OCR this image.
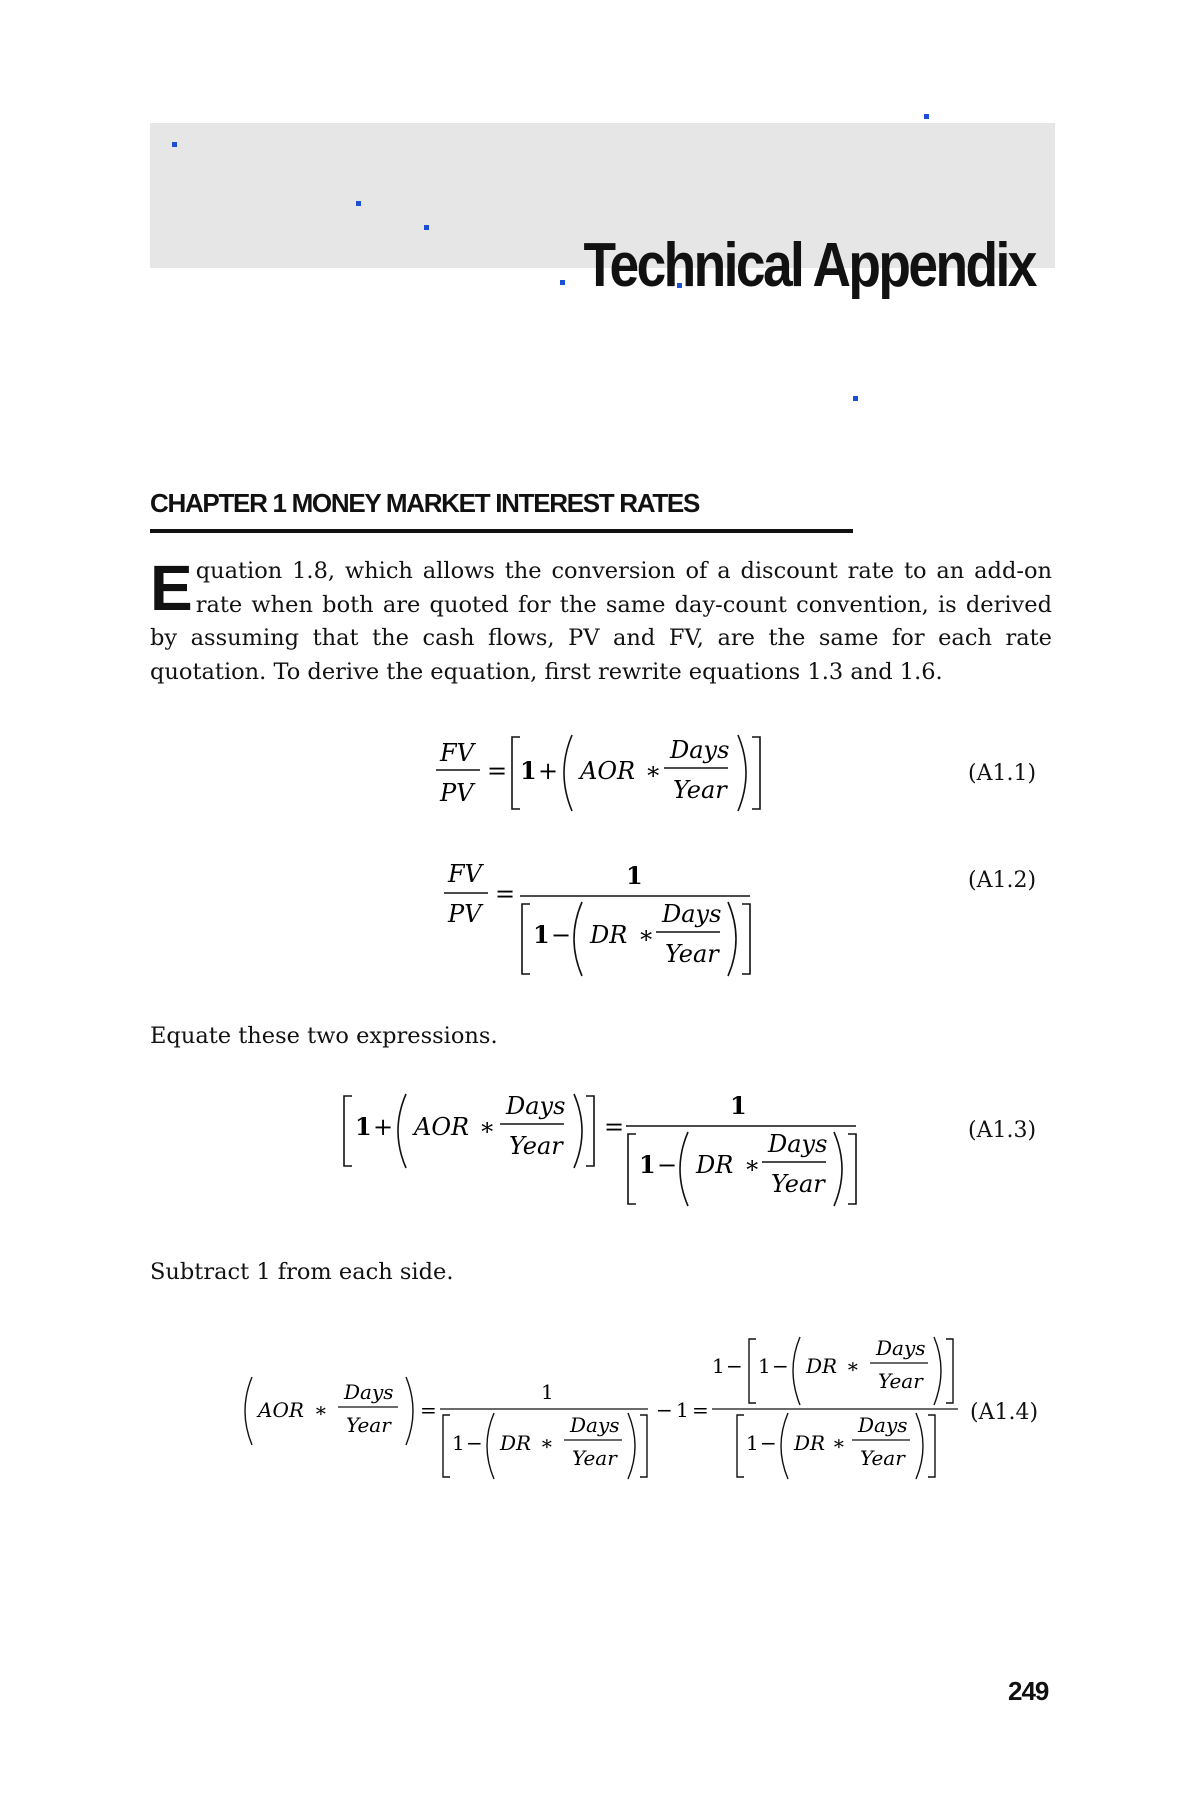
Technical Appendix
CHAPTER 1 MONEY MARKET INTEREST RATES
Equation 1.8, which allows the conversion of a discount rate to an add-on rate when both are quoted for the same day-count convention, is derived by assuming that the cash flows, PV and FV, are the same for each rate quotation. To derive the equation, first rewrite equations 1.3 and 1.6.
FV
PV
= 1 + AOR ∗
Days
Year
(A1.1)
FV
PV
=
1
1 − DR ∗
Days
Year
(A1.2)
Equate these two expressions.
1 + AOR ∗
Days
Year
=
1
1 − DR ∗
Days
Year
(A1.3)
Subtract 1 from each side.
AOR ∗
Days
Year
=
1
1 − DR ∗
Days
Year
− 1 =
1 − 1 − DR ∗
Days
Year
1 − DR ∗
Days
Year
(A1.4)
249
